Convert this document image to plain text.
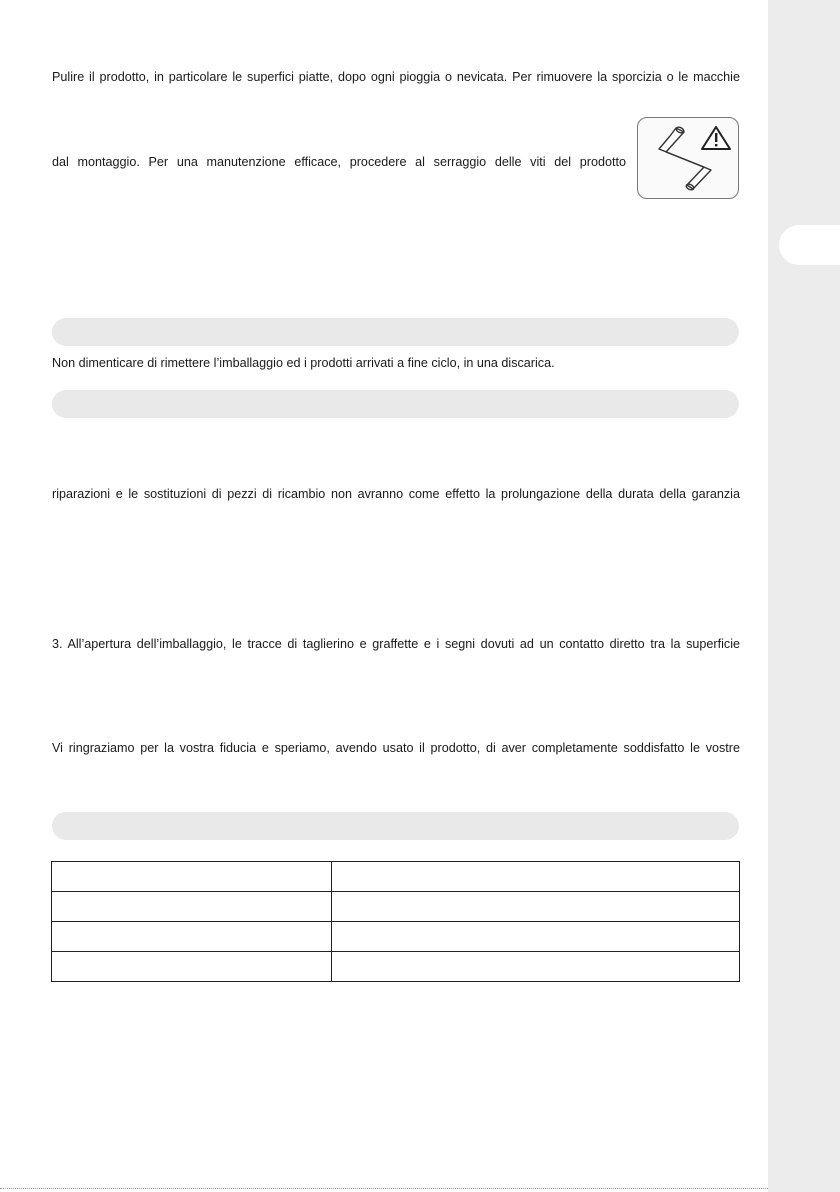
Pulire il prodotto, in particolare le superfici piatte, dopo ogni pioggia o nevicata. Per rimuovere la sporcizia o le macchie
dal montaggio. Per una manutenzione efficace, procedere al serraggio delle viti del prodotto
Non dimenticare di rimettere l’imballaggio ed i prodotti arrivati a fine ciclo, in una discarica.
riparazioni e le sostituzioni di pezzi di ricambio non avranno come effetto la prolungazione della durata della garanzia
3. All’apertura dell’imballaggio, le tracce di taglierino e graffette e i segni dovuti ad un contatto diretto tra la superficie
Vi ringraziamo per la vostra fiducia e speriamo, avendo usato il prodotto, di aver completamente soddisfatto le vostre
